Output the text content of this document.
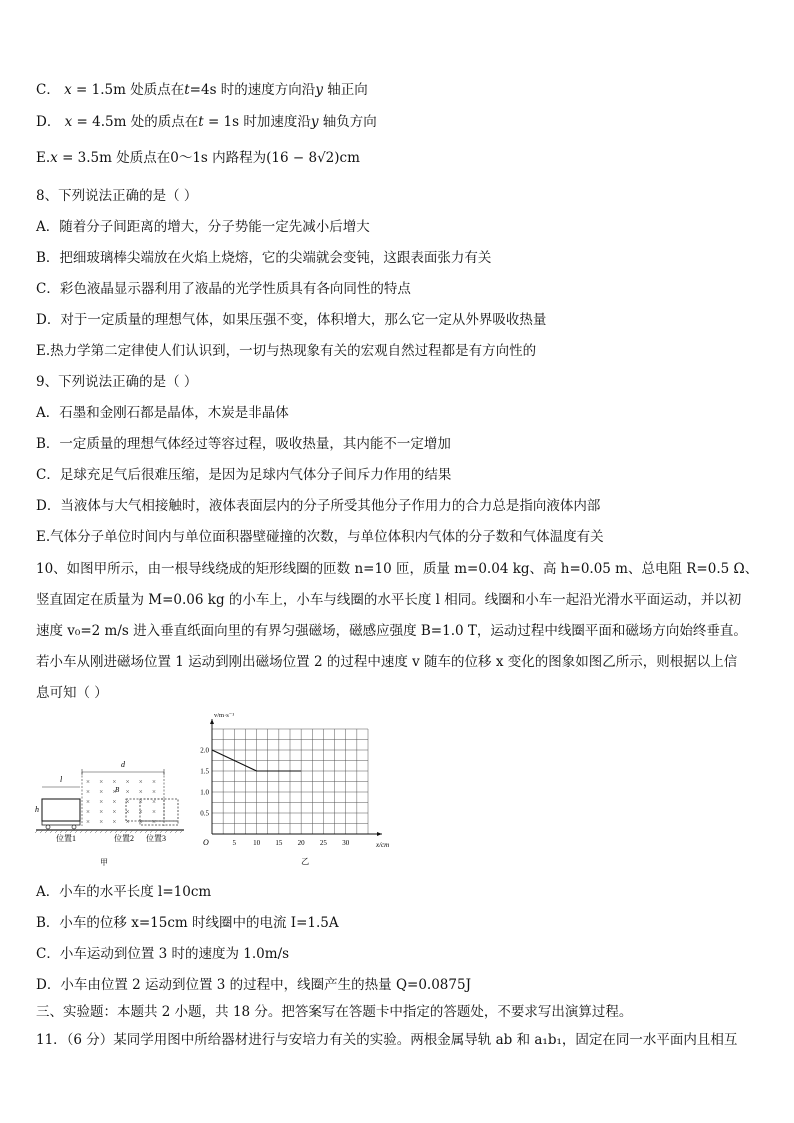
C． x = 1.5m 处质点在t=4s 时的速度方向沿y 轴正向
D． x = 4.5m 处的质点在t = 1s 时加速度沿y 轴负方向
E.x = 3.5m 处质点在0～1s 内路程为(16 − 8√2)cm
8、下列说法正确的是（ ）
A．随着分子间距离的增大，分子势能一定先减小后增大
B．把细玻璃棒尖端放在火焰上烧熔，它的尖端就会变钝，这跟表面张力有关
C．彩色液晶显示器利用了液晶的光学性质具有各向同性的特点
D．对于一定质量的理想气体，如果压强不变，体积增大，那么它一定从外界吸收热量
E.热力学第二定律使人们认识到，一切与热现象有关的宏观自然过程都是有方向性的
9、下列说法正确的是（ ）
A．石墨和金刚石都是晶体，木炭是非晶体
B．一定质量的理想气体经过等容过程，吸收热量，其内能不一定增加
C．足球充足气后很难压缩，是因为足球内气体分子间斥力作用的结果
D．当液体与大气相接触时，液体表面层内的分子所受其他分子作用力的合力总是指向液体内部
E.气体分子单位时间内与单位面积器壁碰撞的次数，与单位体积内气体的分子数和气体温度有关
10、如图甲所示，由一根导线绕成的矩形线圈的匝数 n=10 匝，质量 m=0.04 kg、高 h=0.05 m、总电阻 R=0.5 Ω、
竖直固定在质量为 M=0.06 kg 的小车上，小车与线圈的水平长度 l 相同。线圈和小车一起沿光滑水平面运动，并以初
速度 v₀=2 m/s 进入垂直纸面向里的有界匀强磁场，磁感应强度 B=1.0 T，运动过程中线圈平面和磁场方向始终垂直。
若小车从刚进磁场位置 1 运动到刚出磁场位置 2 的过程中速度 v 随车的位移 x 变化的图象如图乙所示，则根据以上信
息可知（ ）
d
× × × × × ×
× × × × × ×
× × × × × ×
× × × × × ×
× × × × × ×
B
l
h
位置1	位置2 位置3
甲
5 10 15 20 25 30
2.0
1.5
1.0
0.5
v/m·s⁻¹
x/cm
O
乙
A．小车的水平长度 l=10cm
B．小车的位移 x=15cm 时线圈中的电流 I=1.5A
C．小车运动到位置 3 时的速度为 1.0m/s
D．小车由位置 2 运动到位置 3 的过程中，线圈产生的热量 Q=0.0875J
三、实验题：本题共 2 小题，共 18 分。把答案写在答题卡中指定的答题处，不要求写出演算过程。
11．（6 分）某同学用图中所给器材进行与安培力有关的实验。两根金属导轨 ab 和 a₁b₁，固定在同一水平面内且相互
